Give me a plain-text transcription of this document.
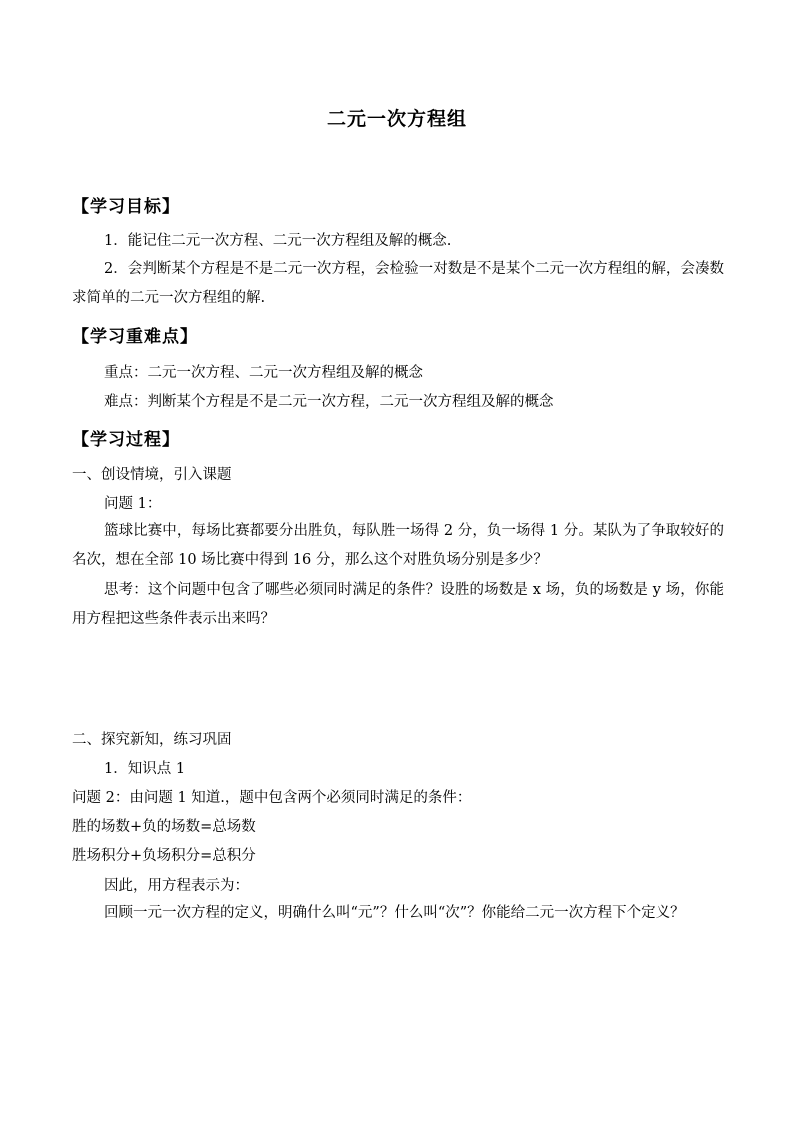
二元一次方程组
【学习目标】
1．能记住二元一次方程、二元一次方程组及解的概念.
2．会判断某个方程是不是二元一次方程，会检验一对数是不是某个二元一次方程组的解，会凑数求简单的二元一次方程组的解.
【学习重难点】
重点：二元一次方程、二元一次方程组及解的概念
难点：判断某个方程是不是二元一次方程，二元一次方程组及解的概念
【学习过程】
一、创设情境，引入课题
问题 1：
篮球比赛中，每场比赛都要分出胜负，每队胜一场得 2 分，负一场得 1 分。某队为了争取较好的名次，想在全部 10 场比赛中得到 16 分，那么这个对胜负场分别是多少？
思考：这个问题中包含了哪些必须同时满足的条件？设胜的场数是 x 场，负的场数是 y 场，你能用方程把这些条件表示出来吗？
二、探究新知，练习巩固
1．知识点 1
问题 2：由问题 1 知道.，题中包含两个必须同时满足的条件：
胜的场数+负的场数=总场数
胜场积分+负场积分=总积分
因此，用方程表示为：
回顾一元一次方程的定义，明确什么叫“元”？什么叫“次”？你能给二元一次方程下个定义？
